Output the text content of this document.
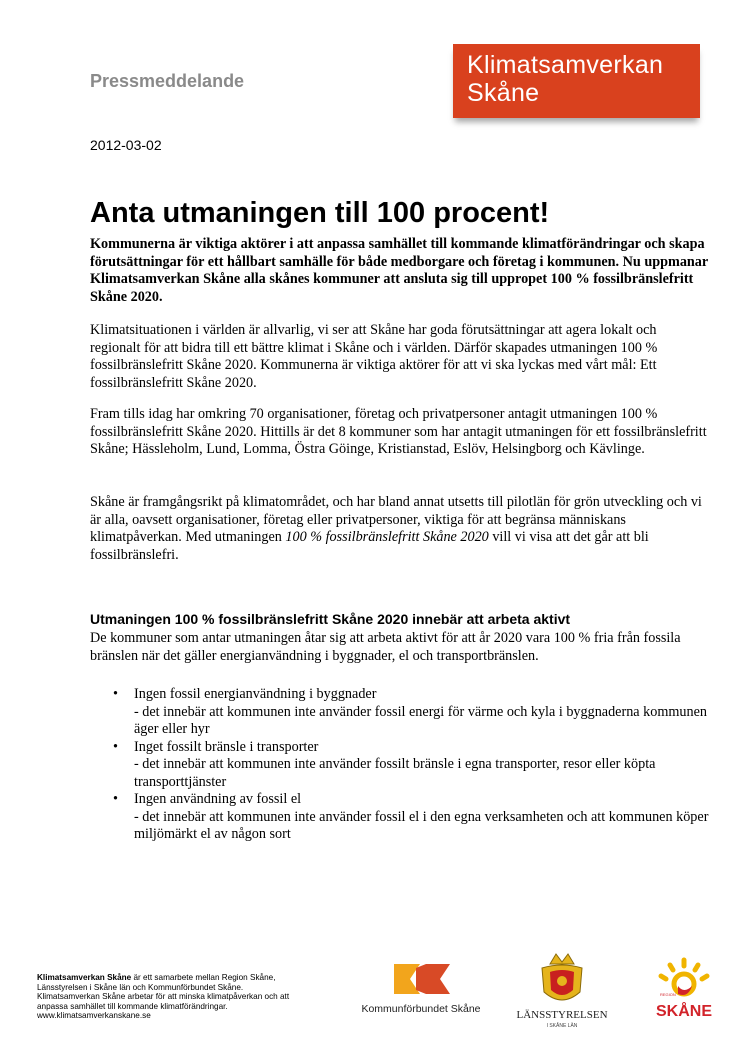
Pressmeddelande
Klimatsamverkan
Skåne
2012-03-02
Anta utmaningen till 100 procent!

Kommunerna är viktiga aktörer i att anpassa samhället till kommande klimatförändringar och skapa förutsättningar för ett hållbart samhälle för både medborgare och företag i kommunen. Nu uppmanar Klimatsamverkan Skåne alla skånes kommuner att ansluta sig till uppropet 100 % fossilbränslefritt Skåne 2020.

Klimatsituationen i världen är allvarlig, vi ser att Skåne har goda förutsättningar att agera lokalt och regionalt för att bidra till ett bättre klimat i Skåne och i världen. Därför skapades utmaningen 100 % fossilbränslefritt Skåne 2020. Kommunerna är viktiga aktörer för att vi ska lyckas med vårt mål: Ett fossilbränslefritt Skåne 2020.

Fram tills idag har omkring 70 organisationer, företag och privatpersoner antagit utmaningen 100 % fossilbränslefritt Skåne 2020. Hittills är det 8 kommuner som har antagit utmaningen för ett fossilbränslefritt Skåne; Hässleholm, Lund, Lomma, Östra Göinge, Kristianstad, Eslöv, Helsingborg och Kävlinge.

Skåne är framgångsrikt på klimatområdet, och har bland annat utsetts till pilotlän för grön utveckling och vi är alla, oavsett organisationer, företag eller privatpersoner, viktiga för att begränsa människans klimatpåverkan. Med utmaningen 100 % fossilbränslefritt Skåne 2020 vill vi visa att det går att bli fossilbränslefri.

Utmaningen 100 % fossilbränslefritt Skåne 2020 innebär att arbeta aktivt

De kommuner som antar utmaningen åtar sig att arbeta aktivt för att år 2020 vara 100 % fria från fossila bränslen när det gäller energianvändning i byggnader, el och transportbränslen.

• Ingen fossil energianvändning i byggnader
- det innebär att kommunen inte använder fossil energi för värme och kyla i byggnaderna kommunen äger eller hyr
• Inget fossilt bränsle i transporter
- det innebär att kommunen inte använder fossilt bränsle i egna transporter, resor eller köpta transporttjänster
• Ingen användning av fossil el
- det innebär att kommunen inte använder fossil el i den egna verksamheten och att kommunen köper miljömärkt el av någon sort
Klimatsamverkan Skåne är ett samarbete mellan Region Skåne,
Länsstyrelsen i Skåne län och Kommunförbundet Skåne.
Klimatsamverkan Skåne arbetar för att minska klimatpåverkan och att
anpassa samhället till kommande klimatförändringar.
www.klimatsamverkanskane.se
Kommunförbundet Skåne	LÄNSSTYRELSEN
I SKÅNE LÄN
REGION
SKÅNE
